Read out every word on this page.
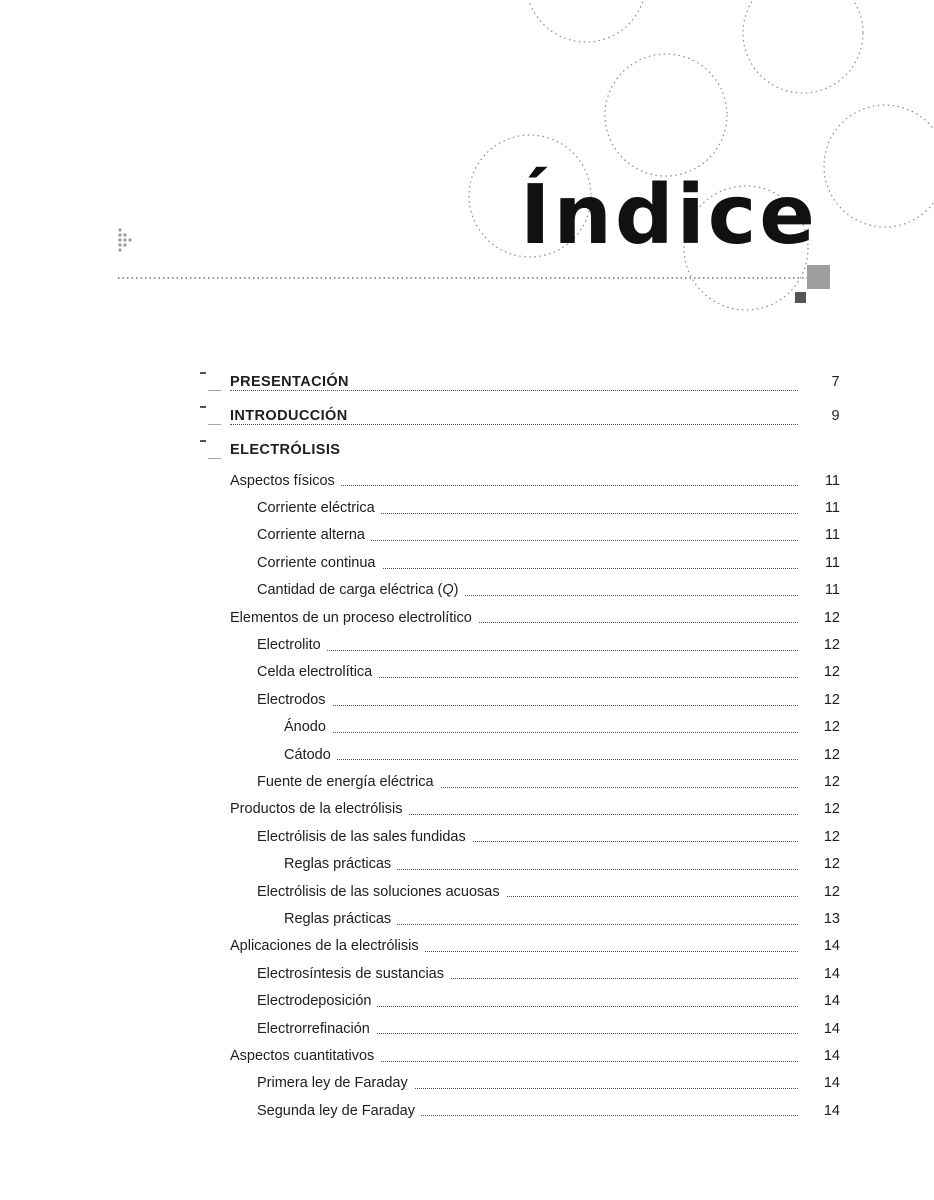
Índice
PRESENTACIÓN	7
INTRODUCCIÓN	9
ELECTRÓLISIS
Aspectos físicos	11
Corriente eléctrica	11
Corriente alterna	11
Corriente continua	11
Cantidad de carga eléctrica (Q)	11
Elementos de un proceso electrolítico	12
Electrolito	12
Celda electrolítica	12
Electrodos	12
Ánodo	12
Cátodo	12
Fuente de energía eléctrica	12
Productos de la electrólisis	12
Electrólisis de las sales fundidas	12
Reglas prácticas	12
Electrólisis de las soluciones acuosas	12
Reglas prácticas	13
Aplicaciones de la electrólisis	14
Electrosíntesis de sustancias	14
Electrodeposición	14
Electrorrefinación	14
Aspectos cuantitativos	14
Primera ley de Faraday	14
Segunda ley de Faraday	14
